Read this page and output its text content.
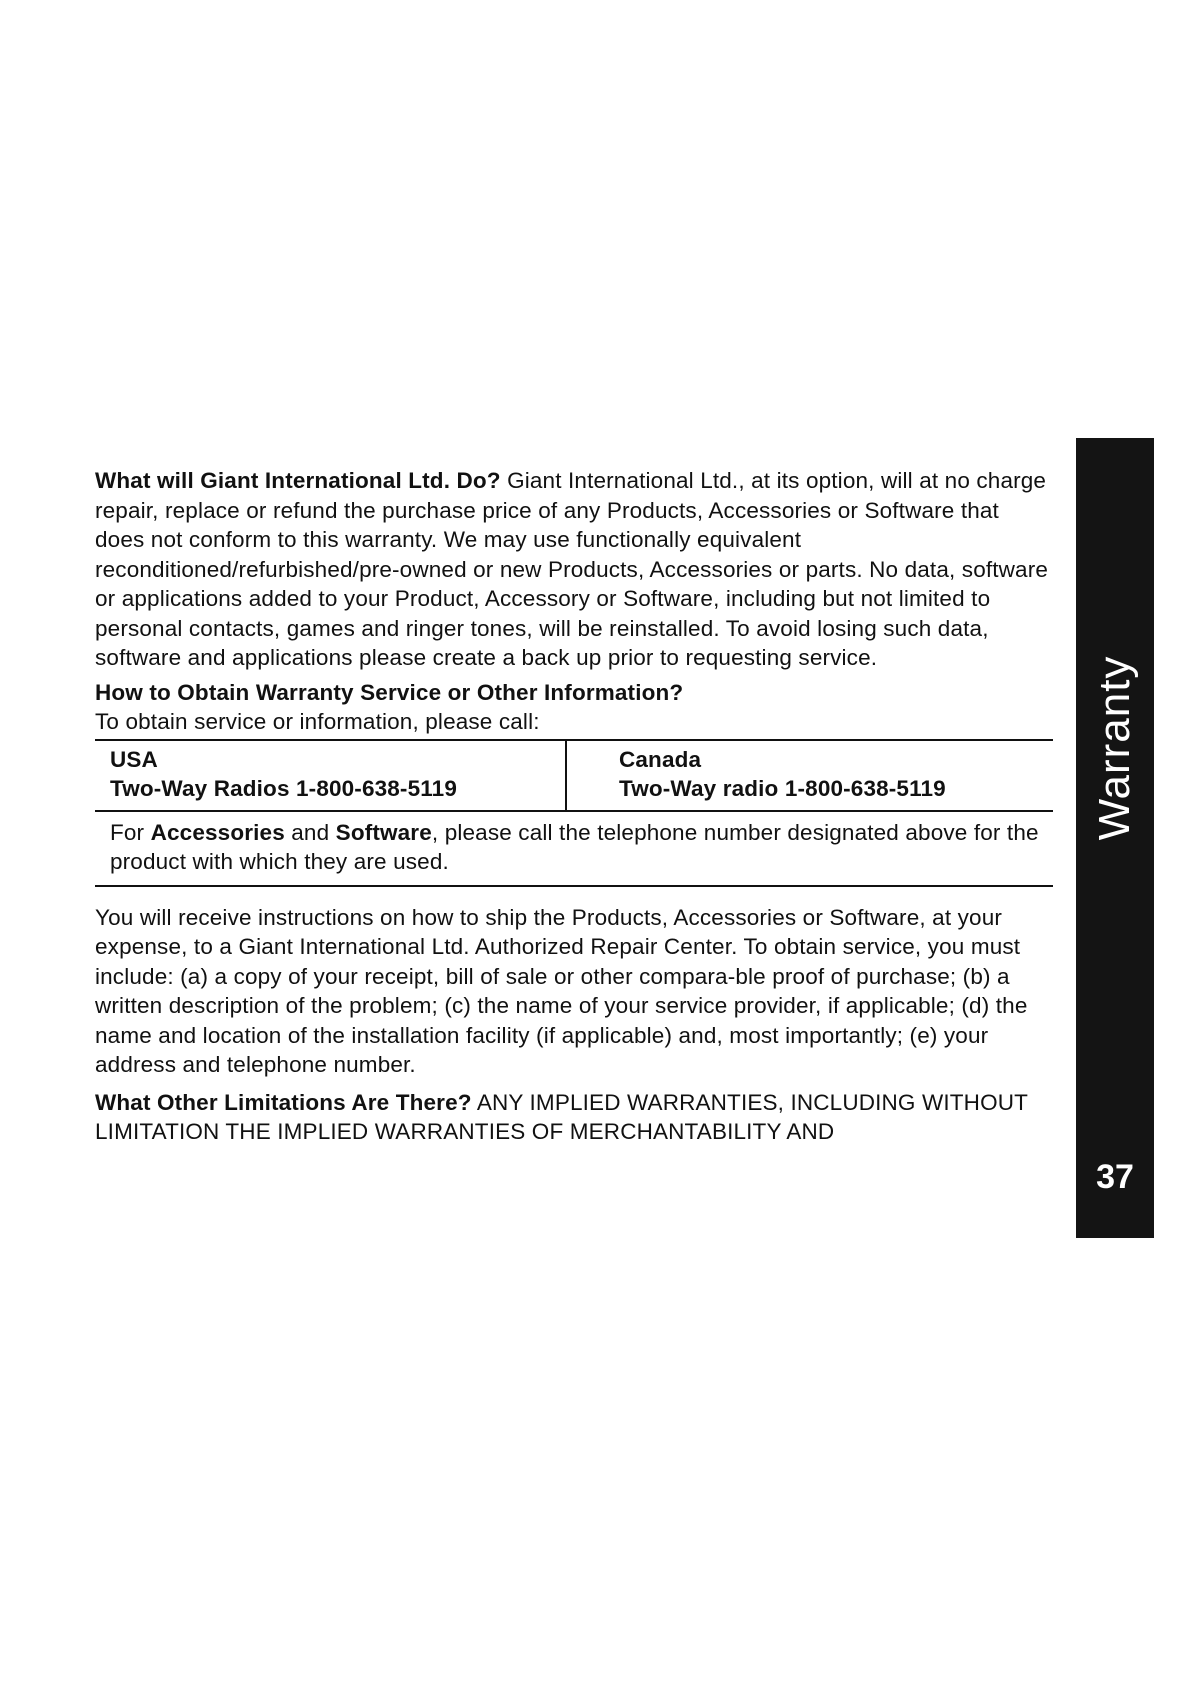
What will Giant International Ltd. Do? Giant International Ltd., at its option, will at no charge repair, replace or refund the purchase price of any Products, Accessories or Software that does not conform to this warranty. We may use functionally equivalent reconditioned/refurbished/pre-owned or new Products, Accessories or parts. No data, software or applications added to your Product, Accessory or Software, including but not limited to personal contacts, games and ringer tones, will be reinstalled. To avoid losing such data, software and applications please create a back up prior to requesting service.

How to Obtain Warranty Service or Other Information?

To obtain service or information, please call:

USA
Two-Way Radios 1-800-638-5119
Canada
Two-Way radio 1-800-638-5119
For Accessories and Software, please call the telephone number designated above for the product with which they are used.

You will receive instructions on how to ship the Products, Accessories or Software, at your expense, to a Giant International Ltd. Authorized Repair Center. To obtain service, you must include: (a) a copy of your receipt, bill of sale or other compara-ble proof of purchase; (b) a written description of the problem; (c) the name of your service provider, if applicable; (d) the name and location of the installation facility (if applicable) and, most importantly; (e) your address and telephone number.

What Other Limitations Are There? ANY IMPLIED WARRANTIES, INCLUDING WITHOUT LIMITATION THE IMPLIED WARRANTIES OF MERCHANTABILITY AND

Warranty
37
